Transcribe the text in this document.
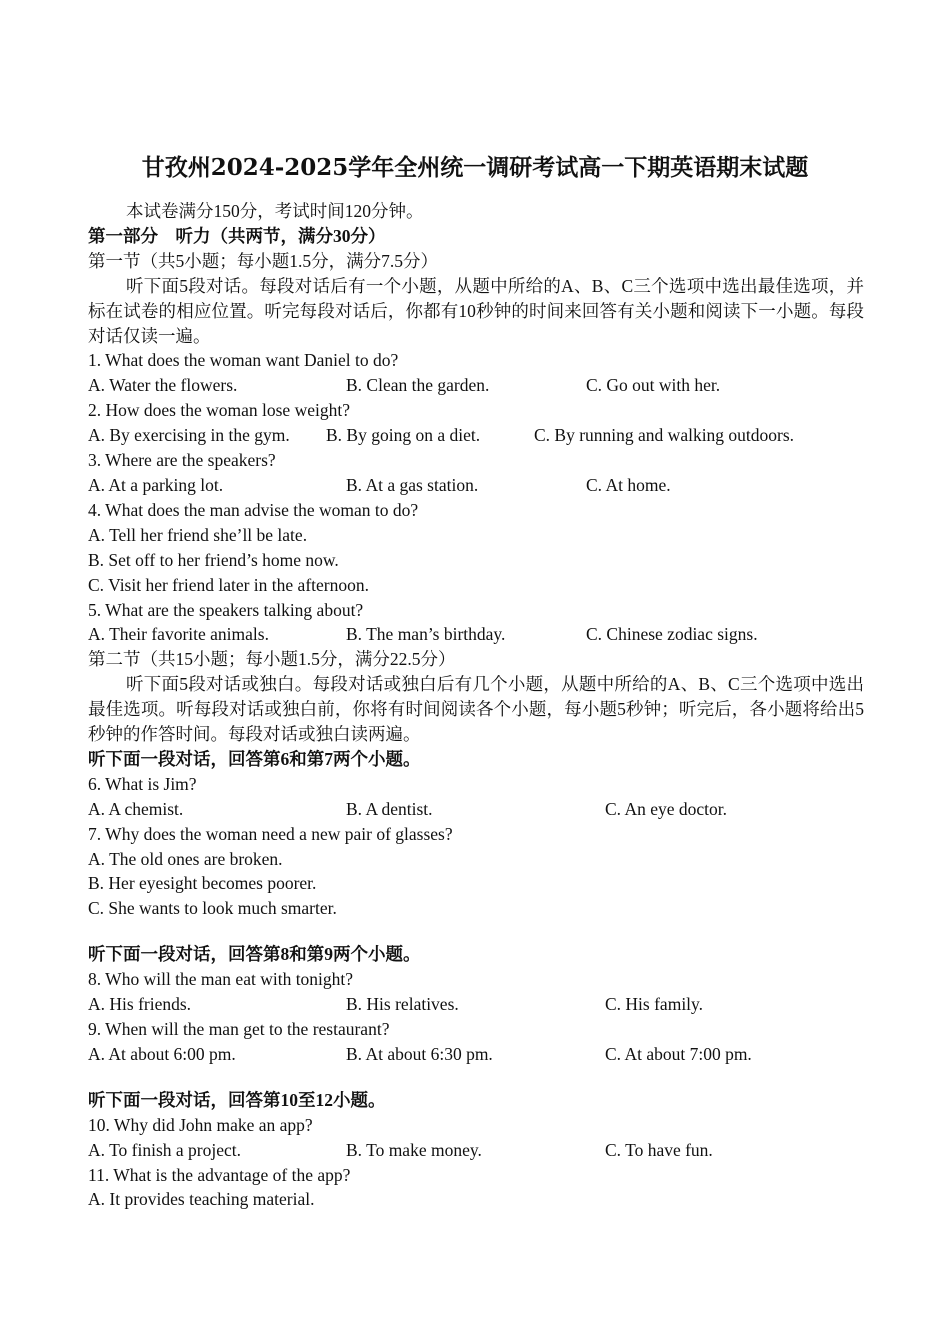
甘孜州2024-2025学年全州统一调研考试高一下期英语期末试题
本试卷满分150分，考试时间120分钟。
第一部分　听力（共两节，满分30分）
第一节（共5小题；每小题1.5分，满分7.5分）
听下面5段对话。每段对话后有一个小题，从题中所给的A、B、C三个选项中选出最佳选项，并标在试卷的相应位置。听完每段对话后，你都有10秒钟的时间来回答有关小题和阅读下一小题。每段对话仅读一遍。
1. What does the woman want Daniel to do?
A. Water the flowers.	B. Clean the garden.	C. Go out with her.
2. How does the woman lose weight?
A. By exercising in the gym.	B. By going on a diet.	C. By running and walking outdoors.
3. Where are the speakers?
A. At a parking lot.	B. At a gas station.	C. At home.
4. What does the man advise the woman to do?
A. Tell her friend she’ll be late.
B. Set off to her friend’s home now.
C. Visit her friend later in the afternoon.
5. What are the speakers talking about?
A. Their favorite animals.	B. The man’s birthday.	C. Chinese zodiac signs.
第二节（共15小题；每小题1.5分，满分22.5分）
听下面5段对话或独白。每段对话或独白后有几个小题，从题中所给的A、B、C三个选项中选出最佳选项。听每段对话或独白前，你将有时间阅读各个小题，每小题5秒钟；听完后，各小题将给出5秒钟的作答时间。每段对话或独白读两遍。
听下面一段对话，回答第6和第7两个小题。
6. What is Jim?
A. A chemist.	B. A dentist.	C. An eye doctor.
7. Why does the woman need a new pair of glasses?
A. The old ones are broken.
B. Her eyesight becomes poorer.
C. She wants to look much smarter.
听下面一段对话，回答第8和第9两个小题。
8. Who will the man eat with tonight?
A. His friends.	B. His relatives.	C. His family.
9. When will the man get to the restaurant?
A. At about 6:00 pm.	B. At about 6:30 pm.	C. At about 7:00 pm.
听下面一段对话，回答第10至12小题。
10. Why did John make an app?
A. To finish a project.	B. To make money.	C. To have fun.
11. What is the advantage of the app?
A. It provides teaching material.
